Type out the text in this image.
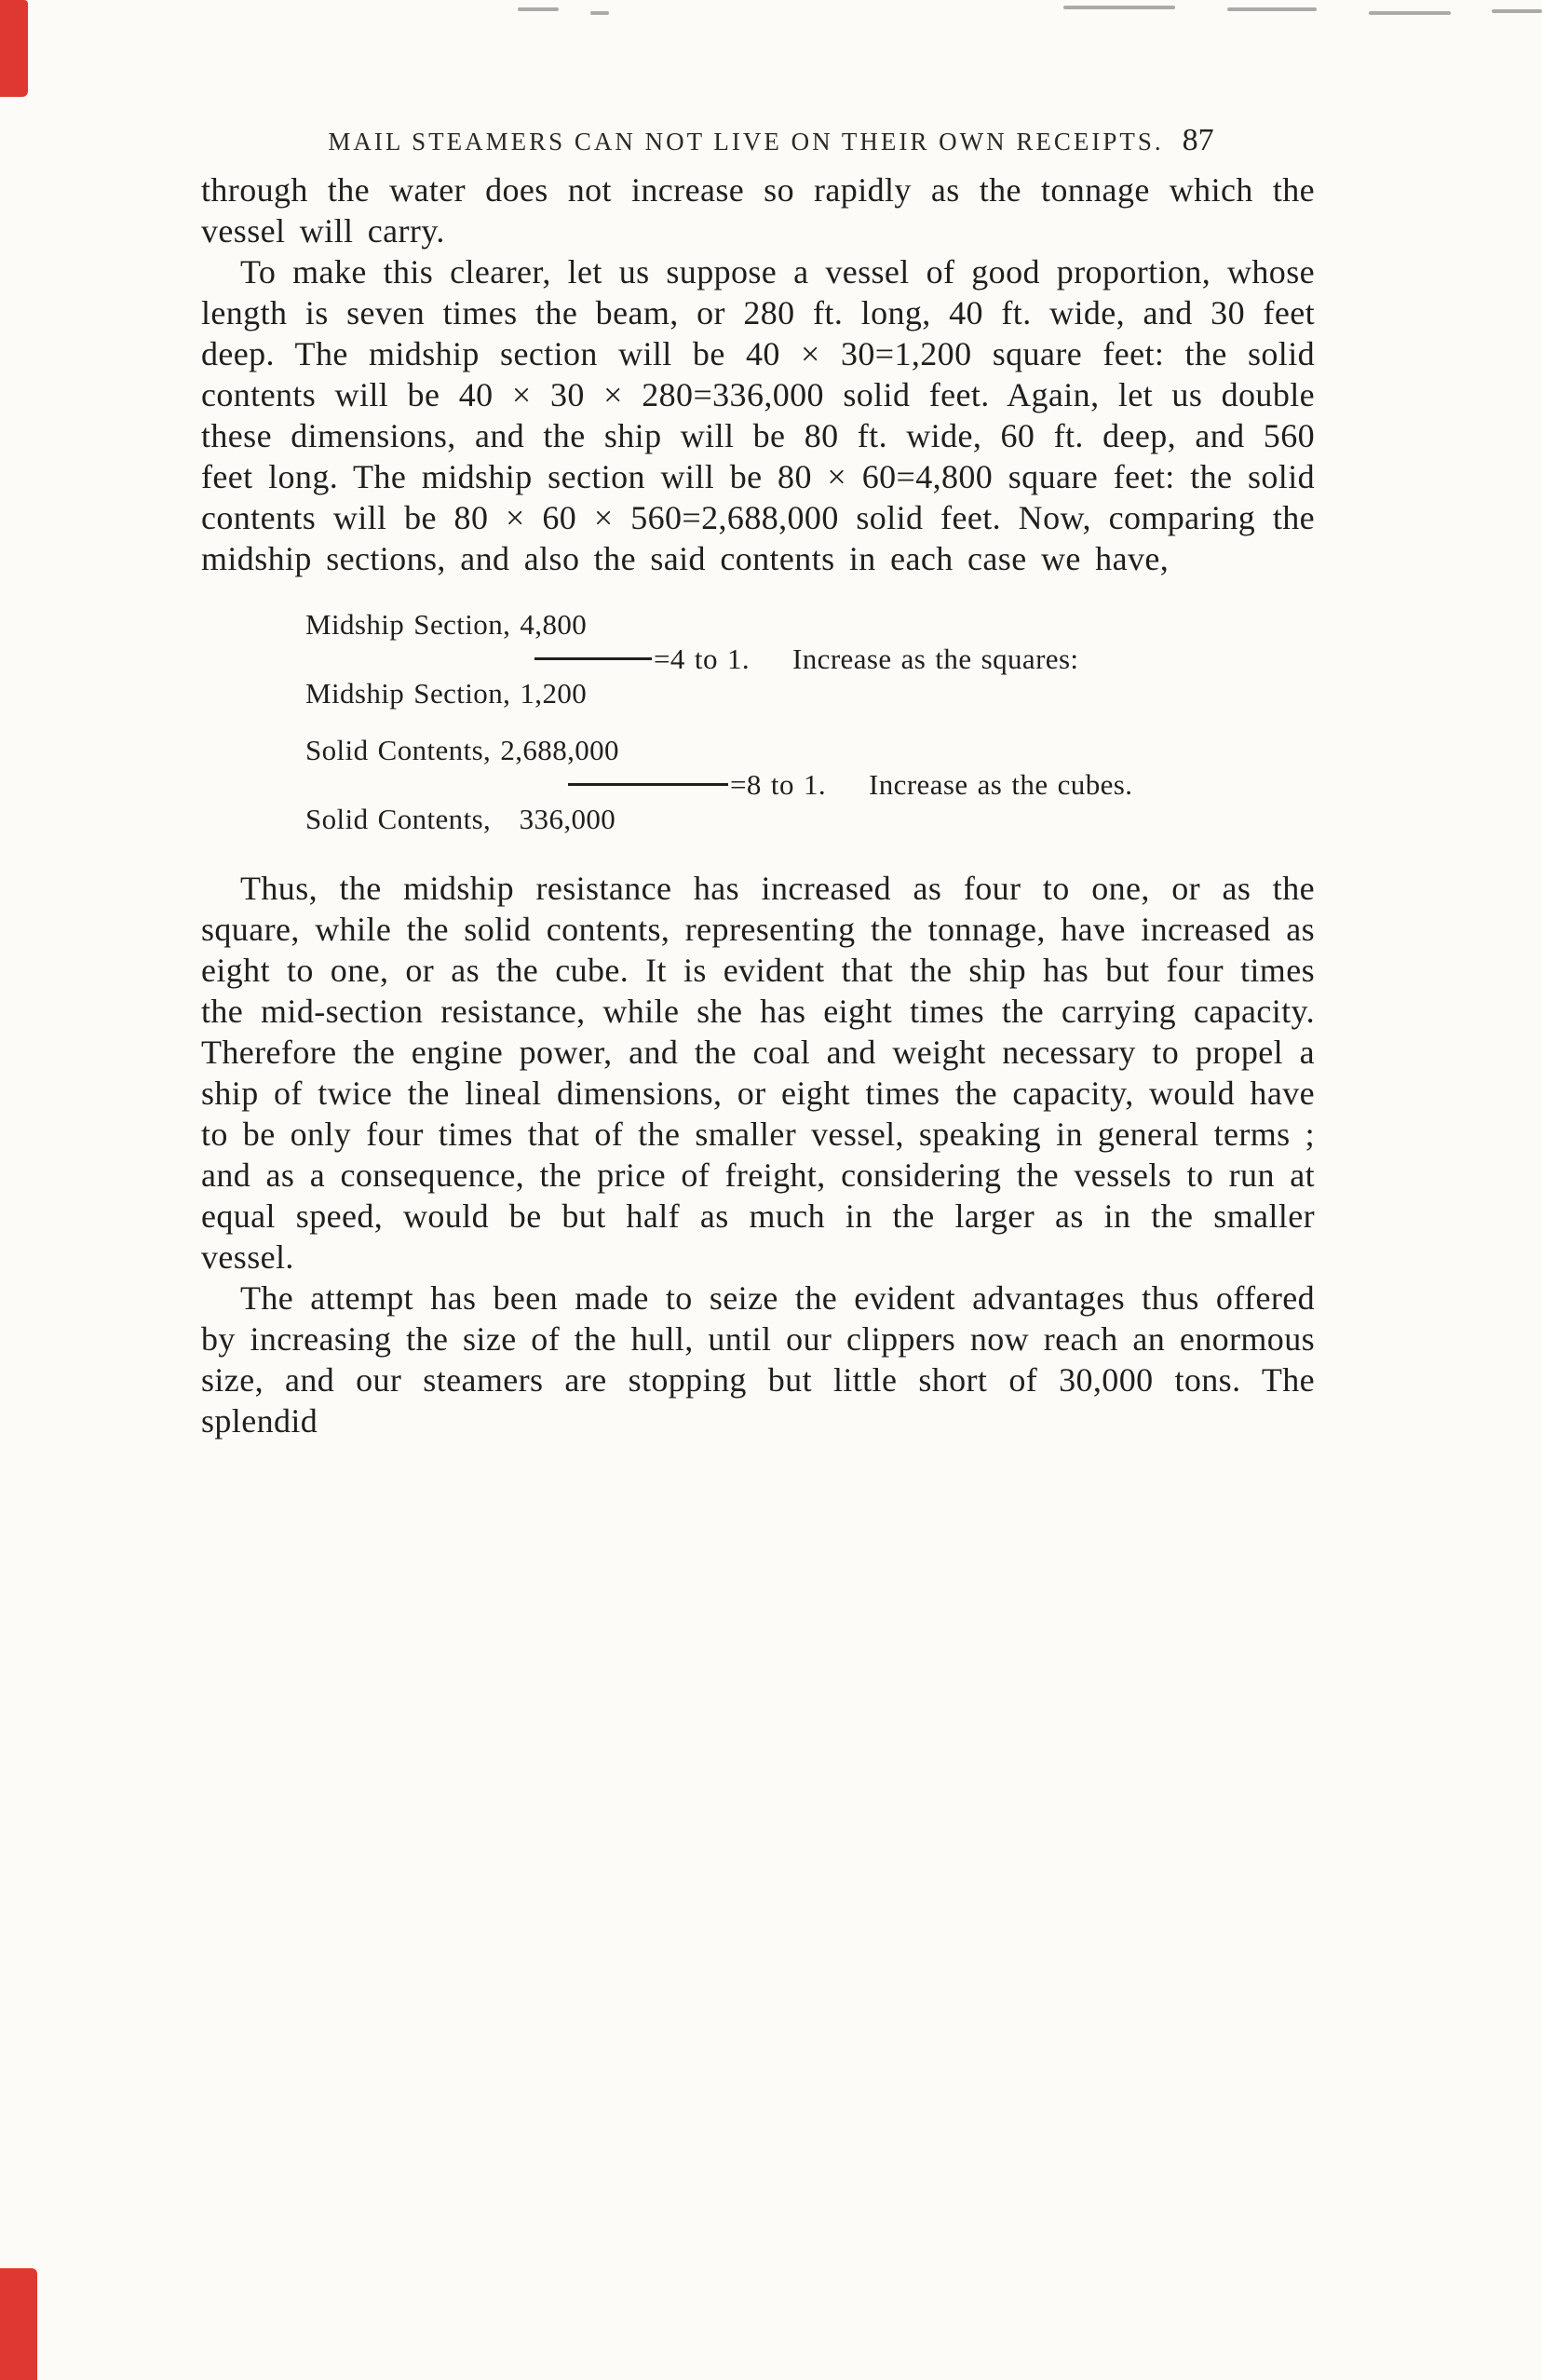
MAIL STEAMERS CAN NOT LIVE ON THEIR OWN RECEIPTS. 87

through the water does not increase so rapidly as the tonnage which the vessel will carry.

To make this clearer, let us suppose a vessel of good proportion, whose length is seven times the beam, or 280 ft. long, 40 ft. wide, and 30 feet deep. The midship section will be 40 × 30=1,200 square feet: the solid contents will be 40 × 30 × 280=336,000 solid feet. Again, let us double these dimensions, and the ship will be 80 ft. wide, 60 ft. deep, and 560 feet long. The midship section will be 80 × 60=4,800 square feet: the solid contents will be 80 × 60 × 560=2,688,000 solid feet. Now, comparing the midship sections, and also the said contents in each case we have,

Midship Section, 4,800
=4 to 1. Increase as the squares:
Midship Section, 1,200
Solid Contents, 2,688,000
=8 to 1. Increase as the cubes.
Solid Contents,   336,000

Thus, the midship resistance has increased as four to one, or as the square, while the solid contents, representing the tonnage, have increased as eight to one, or as the cube. It is evident that the ship has but four times the mid-section resistance, while she has eight times the carrying capacity. Therefore the engine power, and the coal and weight necessary to propel a ship of twice the lineal dimensions, or eight times the capacity, would have to be only four times that of the smaller vessel, speaking in general terms ; and as a consequence, the price of freight, considering the vessels to run at equal speed, would be but half as much in the larger as in the smaller vessel.

The attempt has been made to seize the evident advantages thus offered by increasing the size of the hull, until our clippers now reach an enormous size, and our steamers are stopping but little short of 30,000 tons. The splendid
